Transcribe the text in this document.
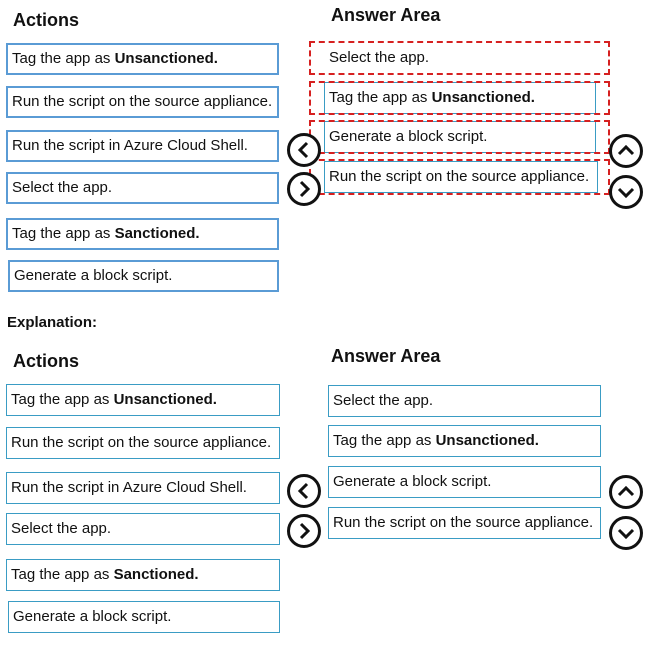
Actions	Answer Area
Tag the app as Unsanctioned.
Run the script on the source appliance.
Run the script in Azure Cloud Shell.
Select the app.
Tag the app as Sanctioned.
Generate a block script.
Select the app.
Tag the app as Unsanctioned.
Generate a block script.
Run the script on the source appliance.
Explanation:
Actions	Answer Area
Tag the app as Unsanctioned.
Run the script on the source appliance.
Run the script in Azure Cloud Shell.
Select the app.
Tag the app as Sanctioned.
Generate a block script.
Select the app.
Tag the app as Unsanctioned.
Generate a block script.
Run the script on the source appliance.
